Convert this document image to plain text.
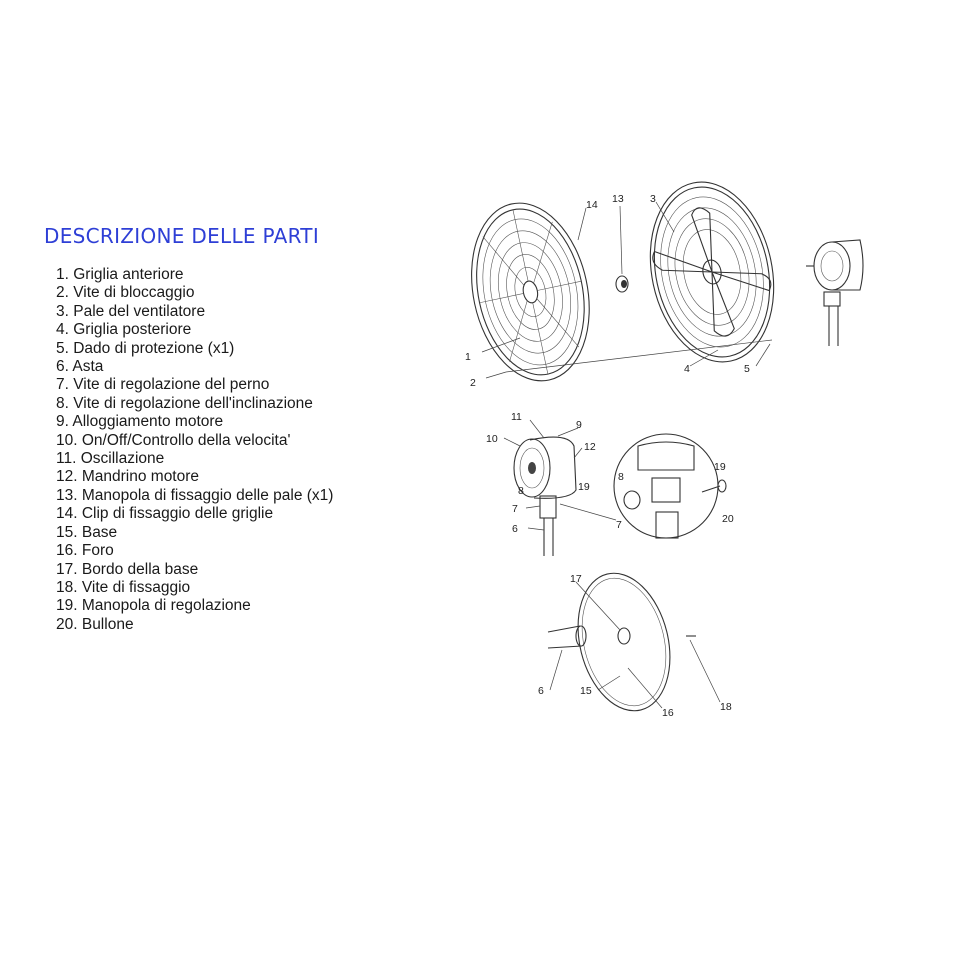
DESCRIZIONE DELLE PARTI
1. Griglia anteriore
2. Vite di bloccaggio
3. Pale del ventilatore
4. Griglia posteriore
5. Dado di protezione (x1)
6. Asta
7. Vite di regolazione del perno
8. Vite di regolazione dell'inclinazione
9. Alloggiamento motore
10. On/Off/Controllo della velocita'
11. Oscillazione
12. Mandrino motore
13. Manopola di fissaggio delle pale (x1)
14. Clip di fissaggio delle griglie
15. Base
16. Foro
17. Bordo della base
18. Vite di fissaggio
19. Manopola di regolazione
20. Bullone
1
2
3
4	5
13
14
11
9
10
12
8	19
7
6
8
19
20
7
17
6	15
16	18
